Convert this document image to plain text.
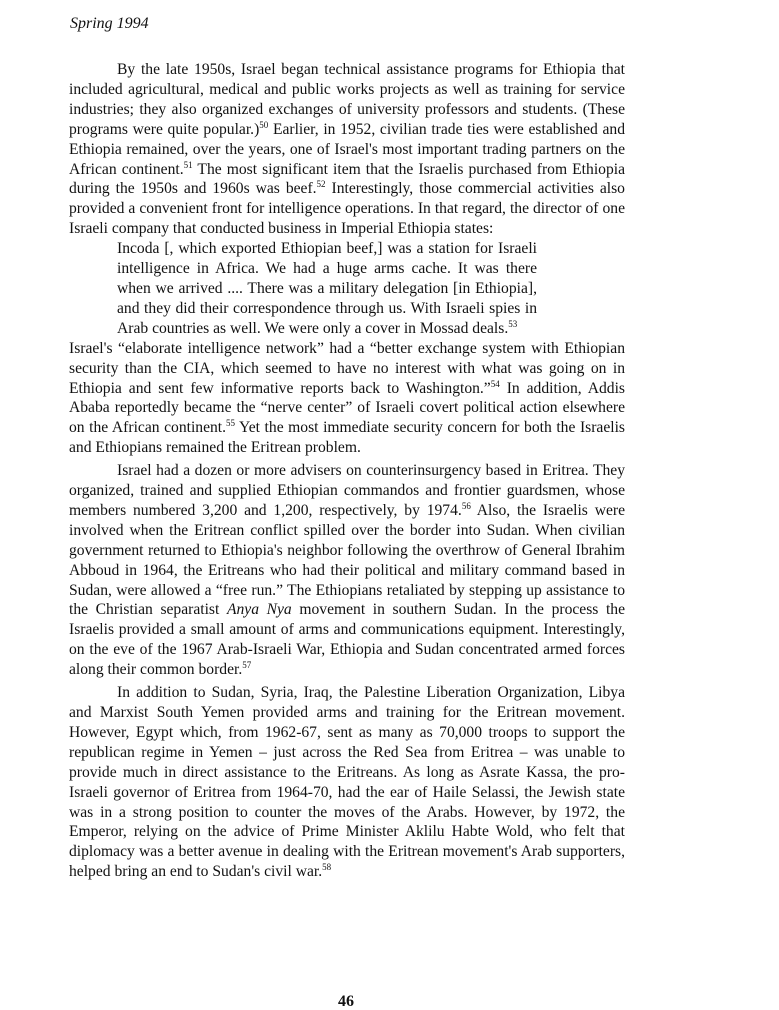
Spring 1994

By the late 1950s, Israel began technical assistance programs for Ethiopia that included agricultural, medical and public works projects as well as training for service industries; they also organized exchanges of university professors and students. (These programs were quite popular.)$^{50}$ Earlier, in 1952, civilian trade ties were established and Ethiopia remained, over the years, one of Israel's most important trading partners on the African continent.$^{51}$ The most significant item that the Israelis purchased from Ethiopia during the 1950s and 1960s was beef.$^{52}$ Interestingly, those commercial activities also provided a convenient front for intelligence operations. In that regard, the director of one Israeli company that conducted business in Imperial Ethiopia states:

Incoda [, which exported Ethiopian beef,] was a station for Israeli intelligence in Africa. We had a huge arms cache. It was there when we arrived .... There was a military delegation [in Ethiopia], and they did their correspondence through us. With Israeli spies in Arab countries as well. We were only a cover in Mossad deals.$^{53}$

Israel's “elaborate intelligence network” had a “better exchange system with Ethiopian security than the CIA, which seemed to have no interest with what was going on in Ethiopia and sent few informative reports back to Washington.”$^{54}$ In addition, Addis Ababa reportedly became the “nerve center” of Israeli covert political action elsewhere on the African continent.$^{55}$ Yet the most immediate security concern for both the Israelis and Ethiopians remained the Eritrean problem.

Israel had a dozen or more advisers on counterinsurgency based in Eritrea. They organized, trained and supplied Ethiopian commandos and frontier guardsmen, whose members numbered 3,200 and 1,200, respectively, by 1974.56 Also, the Israelis were involved when the Eritrean conflict spilled over the border into Sudan. When civilian government returned to Ethiopia's neighbor following the overthrow of General Ibrahim Abboud in 1964, the Eritreans who had their political and military command based in Sudan, were allowed a “free run.” The Ethiopians retaliated by stepping up assistance to the Christian separatist Anya Nya movement in southern Sudan. In the process the Israelis provided a small amount of arms and communications equipment. Interestingly, on the eve of the 1967 Arab-Israeli War, Ethiopia and Sudan concentrated armed forces along their common border.$^{57}$

In addition to Sudan, Syria, Iraq, the Palestine Liberation Organization, Libya and Marxist South Yemen provided arms and training for the Eritrean movement. However, Egypt which, from 1962-67, sent as many as 70,000 troops to support the republican regime in Yemen – just across the Red Sea from Eritrea – was unable to provide much in direct assistance to the Eritreans. As long as Asrate Kassa, the pro-Israeli governor of Eritrea from 1964-70, had the ear of Haile Selassi, the Jewish state was in a strong position to counter the moves of the Arabs. However, by 1972, the Emperor, relying on the advice of Prime Minister Aklilu Habte Wold, who felt that diplomacy was a better avenue in dealing with the Eritrean movement's Arab supporters, helped bring an end to Sudan's civil war.$^{58}$

46
